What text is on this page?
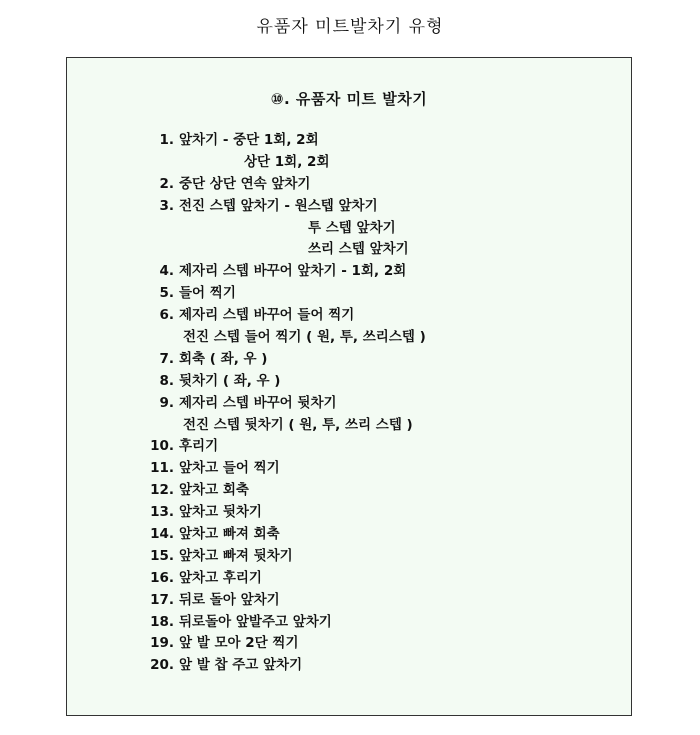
유품자 미트발차기 유형
⑩. 유품자 미트 발차기
1. 앞차기 - 중단 1회, 2회
상단 1회, 2회
2. 중단 상단 연속 앞차기
3. 전진 스텝 앞차기 - 원스텝 앞차기
투 스텝 앞차기
쓰리 스텝 앞차기
4. 제자리 스텝 바꾸어 앞차기 - 1회, 2회
5. 들어 찍기
6. 제자리 스텝 바꾸어 들어 찍기
전진 스텝 들어 찍기 ( 원, 투, 쓰리스텝 )
7. 회축 ( 좌, 우 )
8. 뒷차기 ( 좌, 우 )
9. 제자리 스텝 바꾸어 뒷차기
전진 스텝 뒷차기 ( 원, 투, 쓰리 스텝 )
10. 후리기
11. 앞차고 들어 찍기
12. 앞차고 회축
13. 앞차고 뒷차기
14. 앞차고 빠져 회축
15. 앞차고 빠져 뒷차기
16. 앞차고 후리기
17. 뒤로 돌아 앞차기
18. 뒤로돌아 앞발주고 앞차기
19. 앞 발 모아 2단 찍기
20. 앞 발 찹 주고 앞차기
